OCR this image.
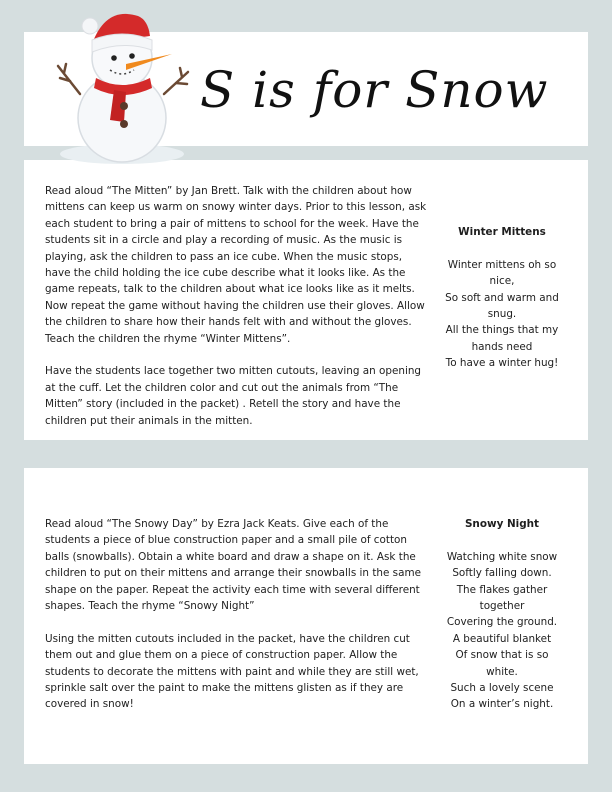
S is for Snow

Read aloud “The Mitten” by Jan Brett. Talk with the children about how mittens can keep us warm on snowy winter days. Prior to this lesson, ask each student to bring a pair of mittens to school for the week. Have the students sit in a circle and play a recording of music. As the music is playing, ask the children to pass an ice cube. When the music stops, have the child holding the ice cube describe what it looks like. As the game repeats, talk to the children about what ice looks like as it melts. Now repeat the game without having the children use their gloves. Allow the children to share how their hands felt with and without the gloves. Teach the children the rhyme “Winter Mittens”.

Have the students lace together two mitten cutouts, leaving an opening at the cuff. Let the children color and cut out the animals from “The Mitten” story (included in the packet) . Retell the story and have the children put their animals in the mitten.

Winter Mittens
Winter mittens oh so
nice,
So soft and warm and
snug.
All the things that my
hands need
To have a winter hug!

Read aloud “The Snowy Day” by Ezra Jack Keats. Give each of the students a piece of blue construction paper and a small pile of cotton balls (snowballs). Obtain a white board and draw a shape on it. Ask the children to put on their mittens and arrange their snowballs in the same shape on the paper. Repeat the activity each time with several different shapes. Teach the rhyme “Snowy Night”

Using the mitten cutouts included in the packet, have the children cut them out and glue them on a piece of construction paper. Allow the students to decorate the mittens with paint and while they are still wet, sprinkle salt over the paint to make the mittens glisten as if they are covered in snow!

Snowy Night
Watching white snow
Softly falling down.
The flakes gather
together
Covering the ground.
A beautiful blanket
Of snow that is so
white.
Such a lovely scene
On a winter’s night.
